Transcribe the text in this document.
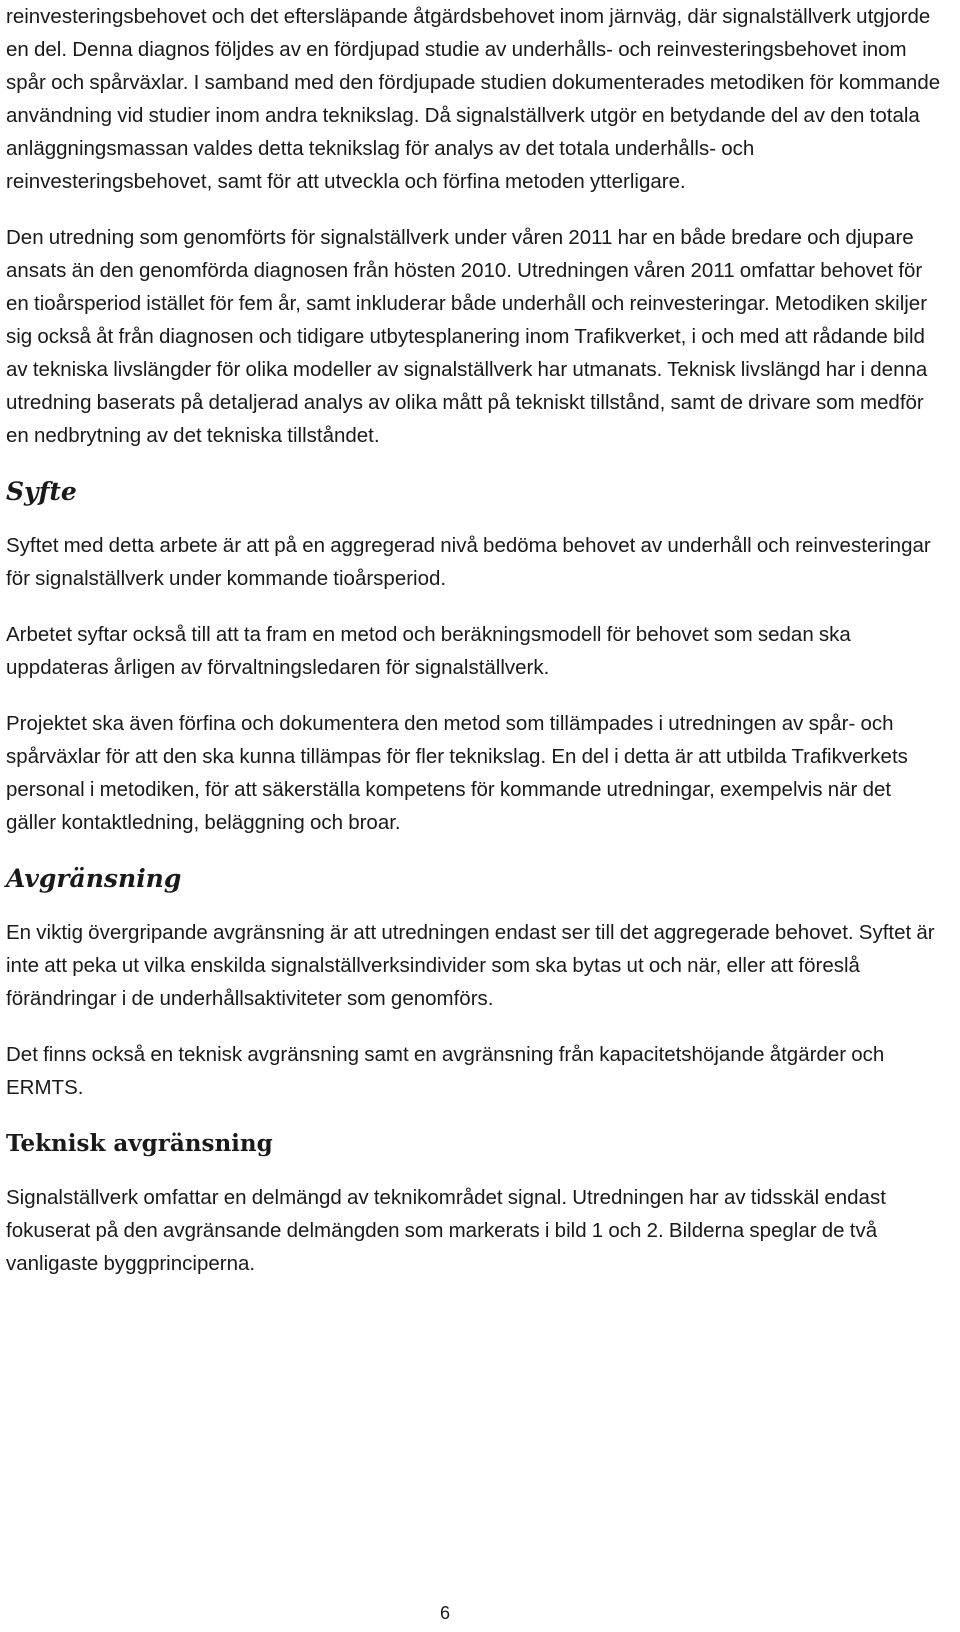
reinvesteringsbehovet och det eftersläpande åtgärdsbehovet inom järnväg, där signalställverk utgjorde en del. Denna diagnos följdes av en fördjupad studie av underhålls- och reinvesteringsbehovet inom spår och spårväxlar. I samband med den fördjupade studien dokumenterades metodiken för kommande användning vid studier inom andra teknikslag. Då signalställverk utgör en betydande del av den totala anläggningsmassan valdes detta teknikslag för analys av det totala underhålls- och reinvesteringsbehovet, samt för att utveckla och förfina metoden ytterligare.

Den utredning som genomförts för signalställverk under våren 2011 har en både bredare och djupare ansats än den genomförda diagnosen från hösten 2010. Utredningen våren 2011 omfattar behovet för en tioårsperiod istället för fem år, samt inkluderar både underhåll och reinvesteringar. Metodiken skiljer sig också åt från diagnosen och tidigare utbytesplanering inom Trafikverket, i och med att rådande bild av tekniska livslängder för olika modeller av signalställverk har utmanats. Teknisk livslängd har i denna utredning baserats på detaljerad analys av olika mått på tekniskt tillstånd, samt de drivare som medför en nedbrytning av det tekniska tillståndet.

Syfte

Syftet med detta arbete är att på en aggregerad nivå bedöma behovet av underhåll och reinvesteringar för signalställverk under kommande tioårsperiod.

Arbetet syftar också till att ta fram en metod och beräkningsmodell för behovet som sedan ska uppdateras årligen av förvaltningsledaren för signalställverk.

Projektet ska även förfina och dokumentera den metod som tillämpades i utredningen av spår- och spårväxlar för att den ska kunna tillämpas för fler teknikslag. En del i detta är att utbilda Trafikverkets personal i metodiken, för att säkerställa kompetens för kommande utredningar, exempelvis när det gäller kontaktledning, beläggning och broar.

Avgränsning

En viktig övergripande avgränsning är att utredningen endast ser till det aggregerade behovet. Syftet är inte att peka ut vilka enskilda signalställverksindivider som ska bytas ut och när, eller att föreslå förändringar i de underhållsaktiviteter som genomförs.

Det finns också en teknisk avgränsning samt en avgränsning från kapacitetshöjande åtgärder och ERMTS.

Teknisk avgränsning

Signalställverk omfattar en delmängd av teknikområdet signal. Utredningen har av tidsskäl endast fokuserat på den avgränsande delmängden som markerats i bild 1 och 2. Bilderna speglar de två vanligaste byggprinciperna.

6
